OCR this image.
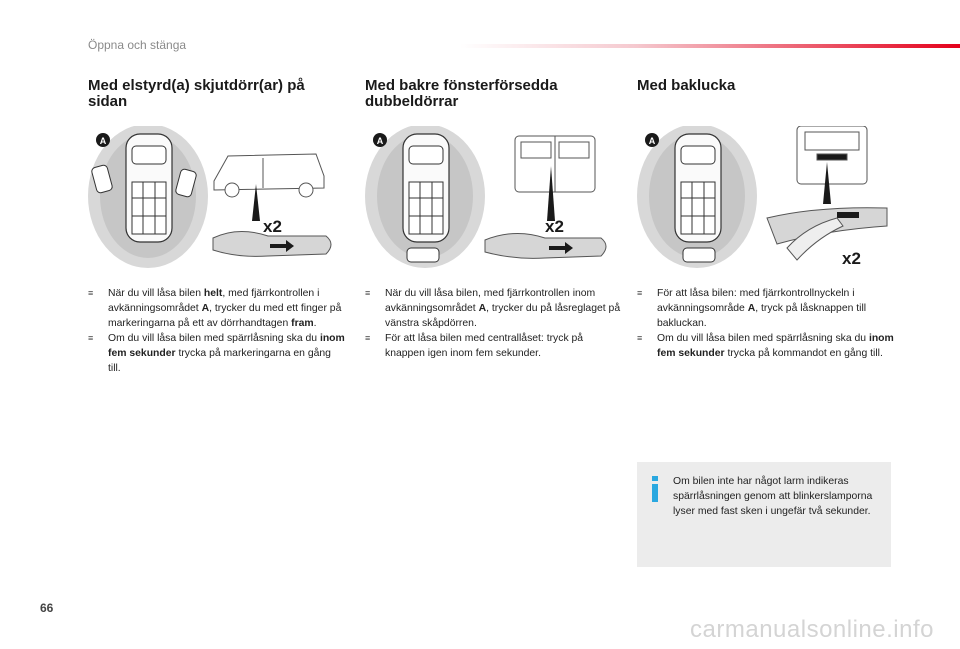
Öppna och stänga
Med elstyrd(a) skjutdörr(ar) på sidan
A
x2
≡ När du vill låsa bilen helt, med fjärrkontrollen i avkänningsområdet A, trycker du med ett finger på markeringarna på ett av dörrhandtagen fram.
≡ Om du vill låsa bilen med spärrlåsning ska du inom fem sekunder trycka på markeringarna en gång till.
Med bakre fönsterförsedda dubbeldörrar
A
x2
≡ När du vill låsa bilen, med fjärrkontrollen inom avkänningsområdet A, trycker du på låsreglaget på vänstra skåpdörren.
≡ För att låsa bilen med centrallåset: tryck på knappen igen inom fem sekunder.
Med baklucka
A
x2
≡ För att låsa bilen: med fjärrkontrollnyckeln i avkänningsområde A, tryck på låsknappen till bakluckan.
≡ Om du vill låsa bilen med spärrlåsning ska du inom fem sekunder trycka på kommandot en gång till.
Om bilen inte har något larm indikeras spärrlåsningen genom att blinkerslamporna lyser med fast sken i ungefär två sekunder.
66
carmanualsonline.info
